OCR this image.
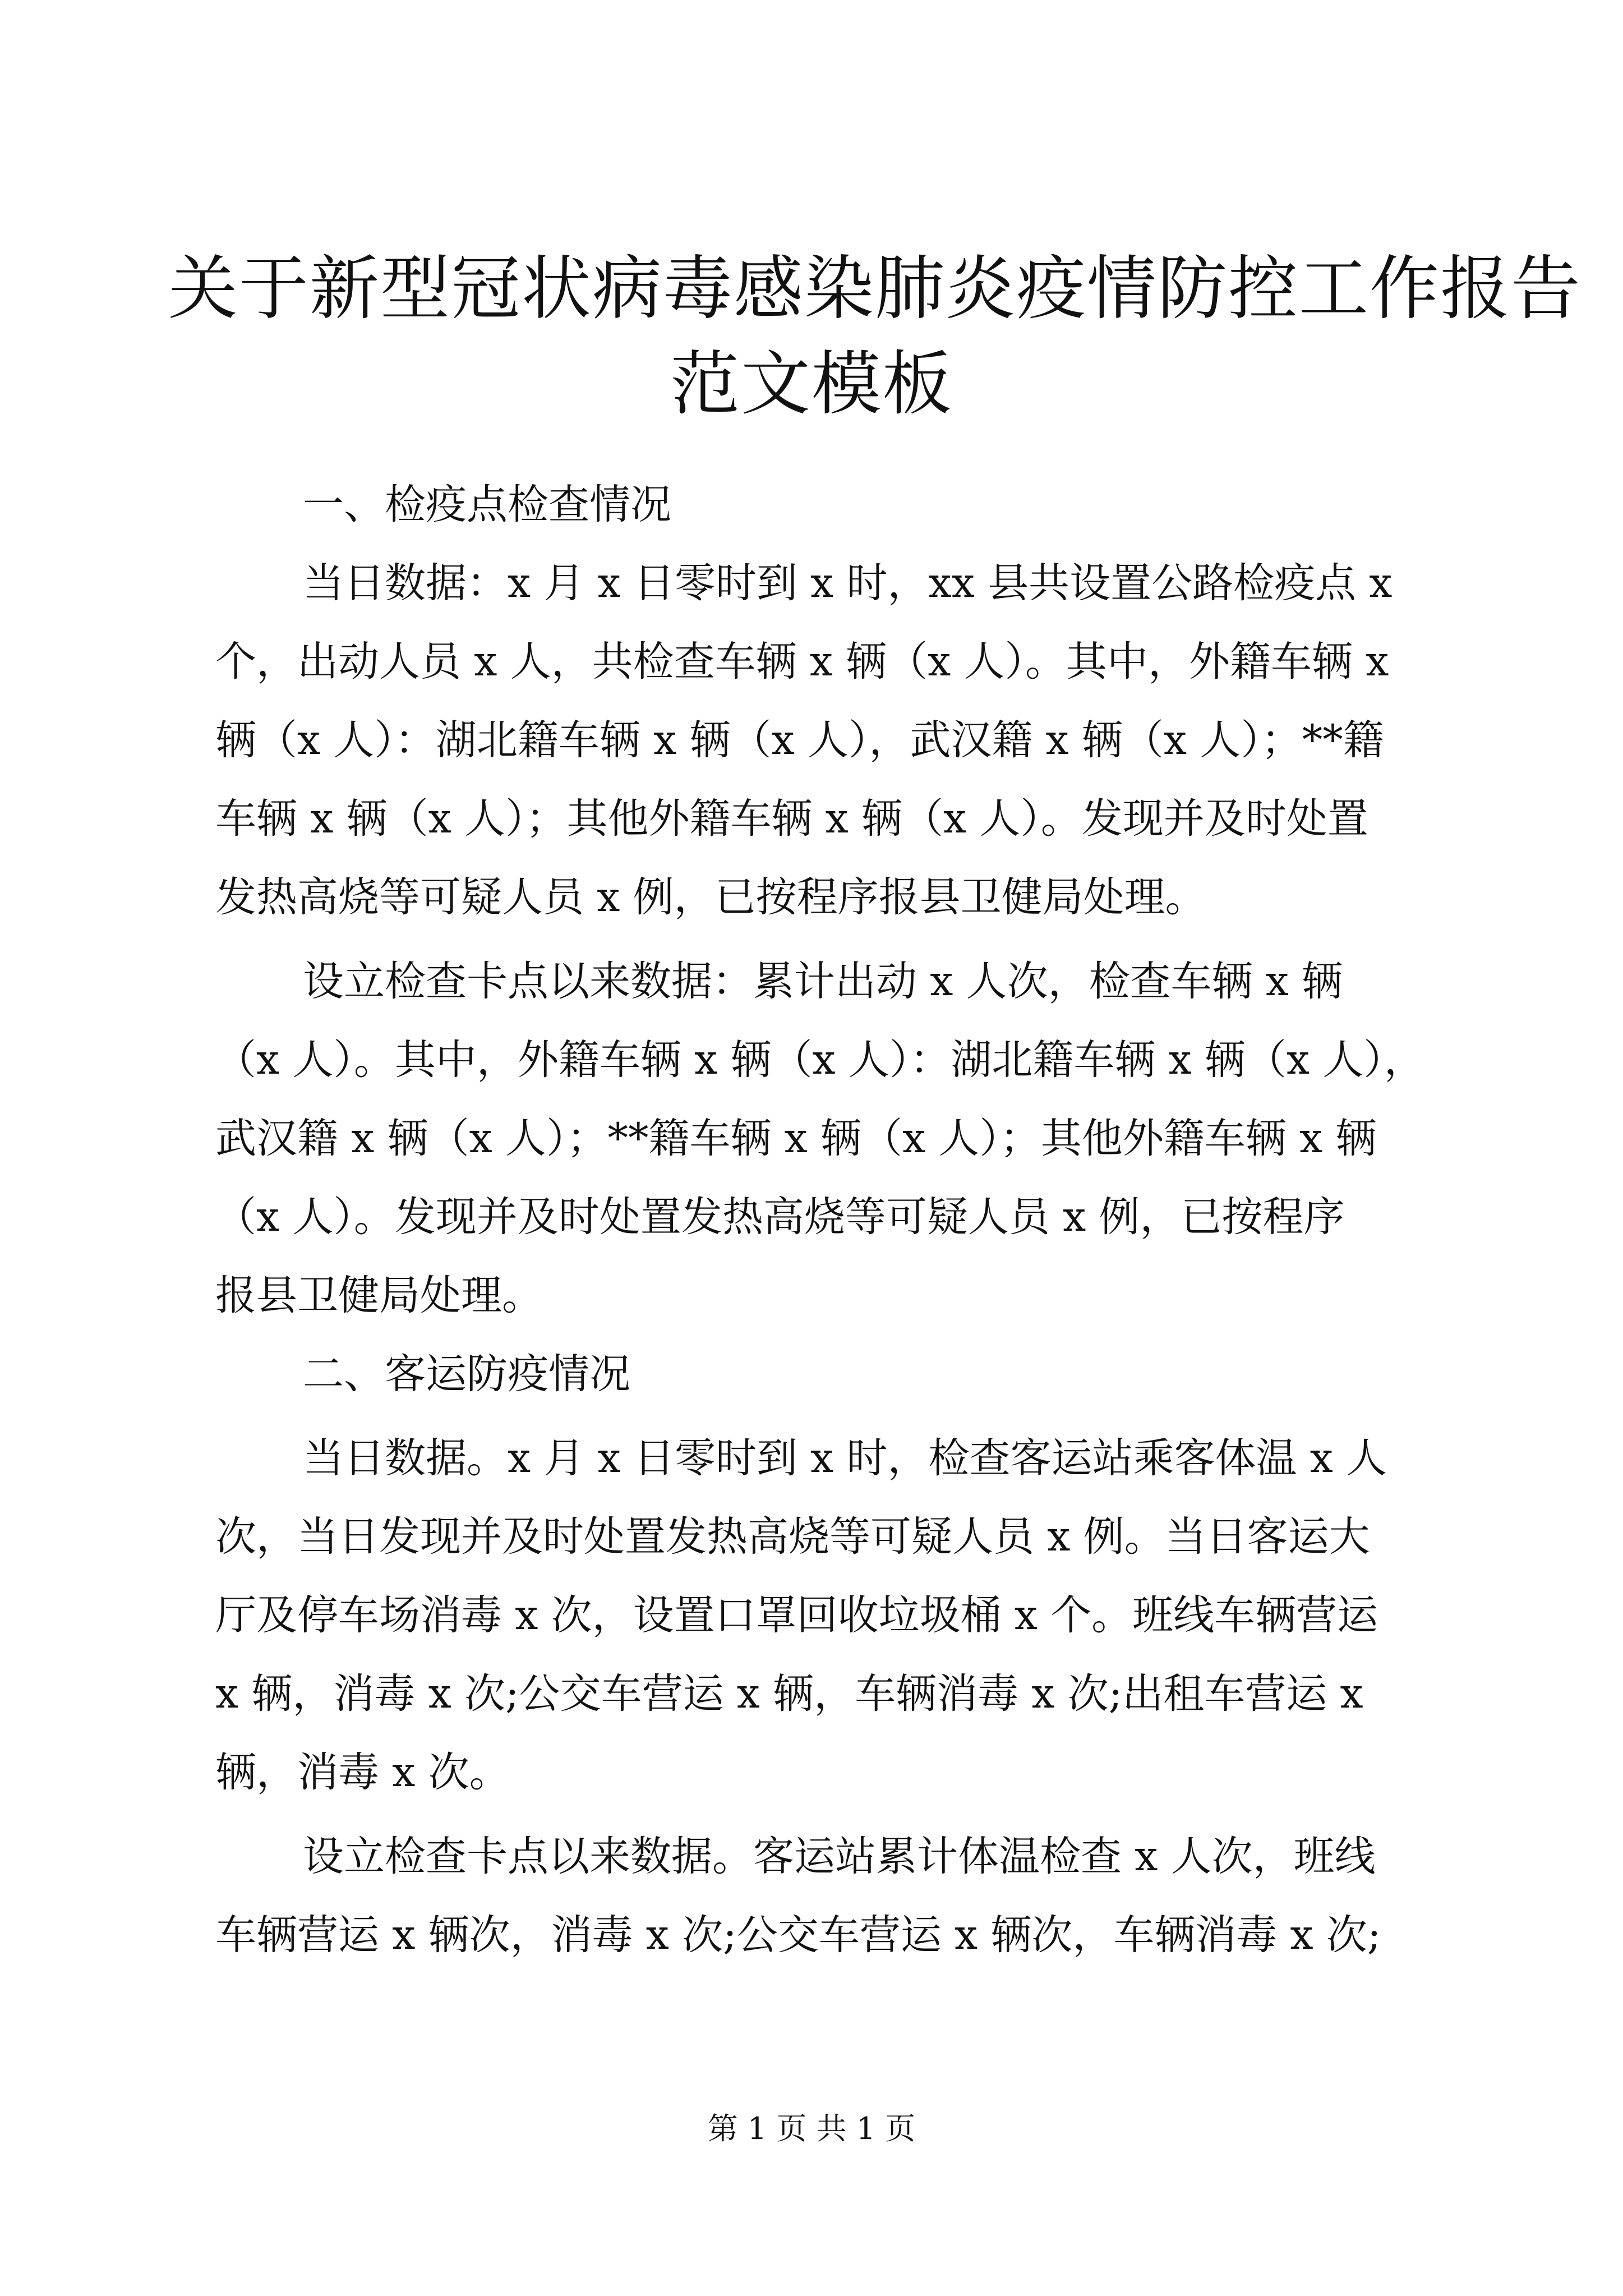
关于新型冠状病毒感染肺炎疫情防控工作报告
范文模板
一、检疫点检查情况
当日数据：x 月 x 日零时到 x 时，xx 县共设置公路检疫点 x
个，出动人员 x 人，共检查车辆 x 辆（x 人）。其中，外籍车辆 x
辆（x 人）：湖北籍车辆 x 辆（x 人），武汉籍 x 辆（x 人）；**籍
车辆 x 辆（x 人）；其他外籍车辆 x 辆（x 人）。发现并及时处置
发热高烧等可疑人员 x 例，已按程序报县卫健局处理。
设立检查卡点以来数据：累计出动 x 人次，检查车辆 x 辆
（x 人）。其中，外籍车辆 x 辆（x 人）：湖北籍车辆 x 辆（x 人），
武汉籍 x 辆（x 人）；**籍车辆 x 辆（x 人）；其他外籍车辆 x 辆
（x 人）。发现并及时处置发热高烧等可疑人员 x 例，已按程序
报县卫健局处理。
二、客运防疫情况
当日数据。x 月 x 日零时到 x 时，检查客运站乘客体温 x 人
次，当日发现并及时处置发热高烧等可疑人员 x 例。当日客运大
厅及停车场消毒 x 次，设置口罩回收垃圾桶 x 个。班线车辆营运
x 辆，消毒 x 次;公交车营运 x 辆，车辆消毒 x 次;出租车营运 x
辆，消毒 x 次。
设立检查卡点以来数据。客运站累计体温检查 x 人次，班线
车辆营运 x 辆次，消毒 x 次;公交车营运 x 辆次，车辆消毒 x 次;
第 1 页 共 1 页
